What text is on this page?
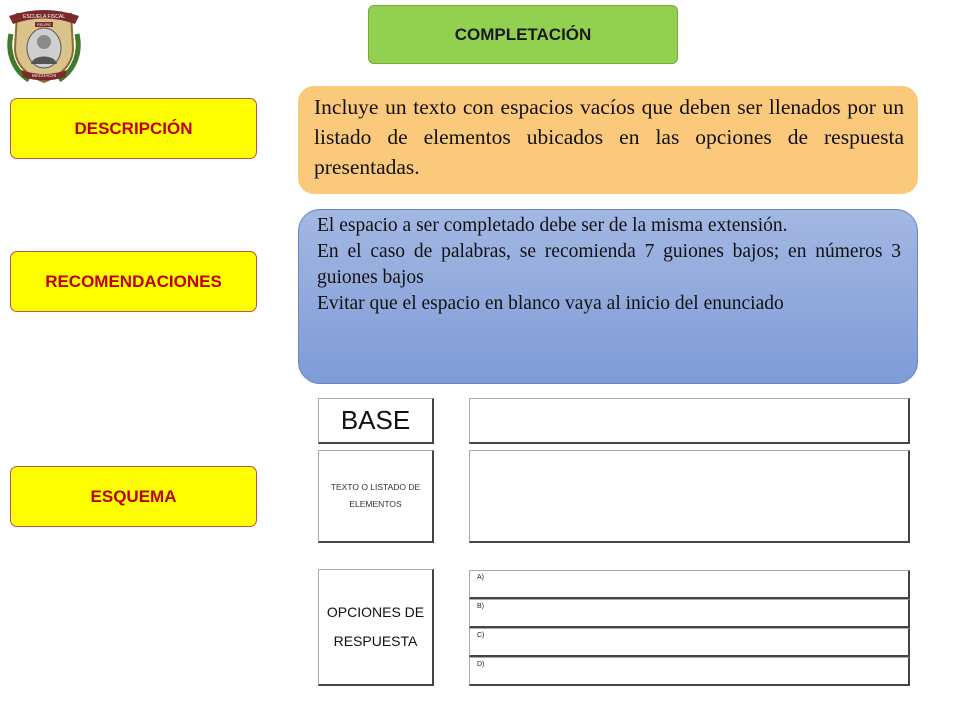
ESCUELA FISCAL
FELIPE
MACHACHI
COMPLETACIÓN
DESCRIPCIÓN
RECOMENDACIONES
ESQUEMA
Incluye un texto con espacios vacíos que deben ser llenados por un listado de elementos ubicados en las opciones de respuesta presentadas.

El espacio a ser completado debe ser de la misma extensión.

En el caso de palabras, se recomienda 7 guiones bajos; en números 3 guiones bajos

Evitar que el espacio en blanco vaya al inicio del enunciado

BASE
TEXTO O LISTADO DE ELEMENTOS
OPCIONES DE RESPUESTA
A)
B)
C)
D)
